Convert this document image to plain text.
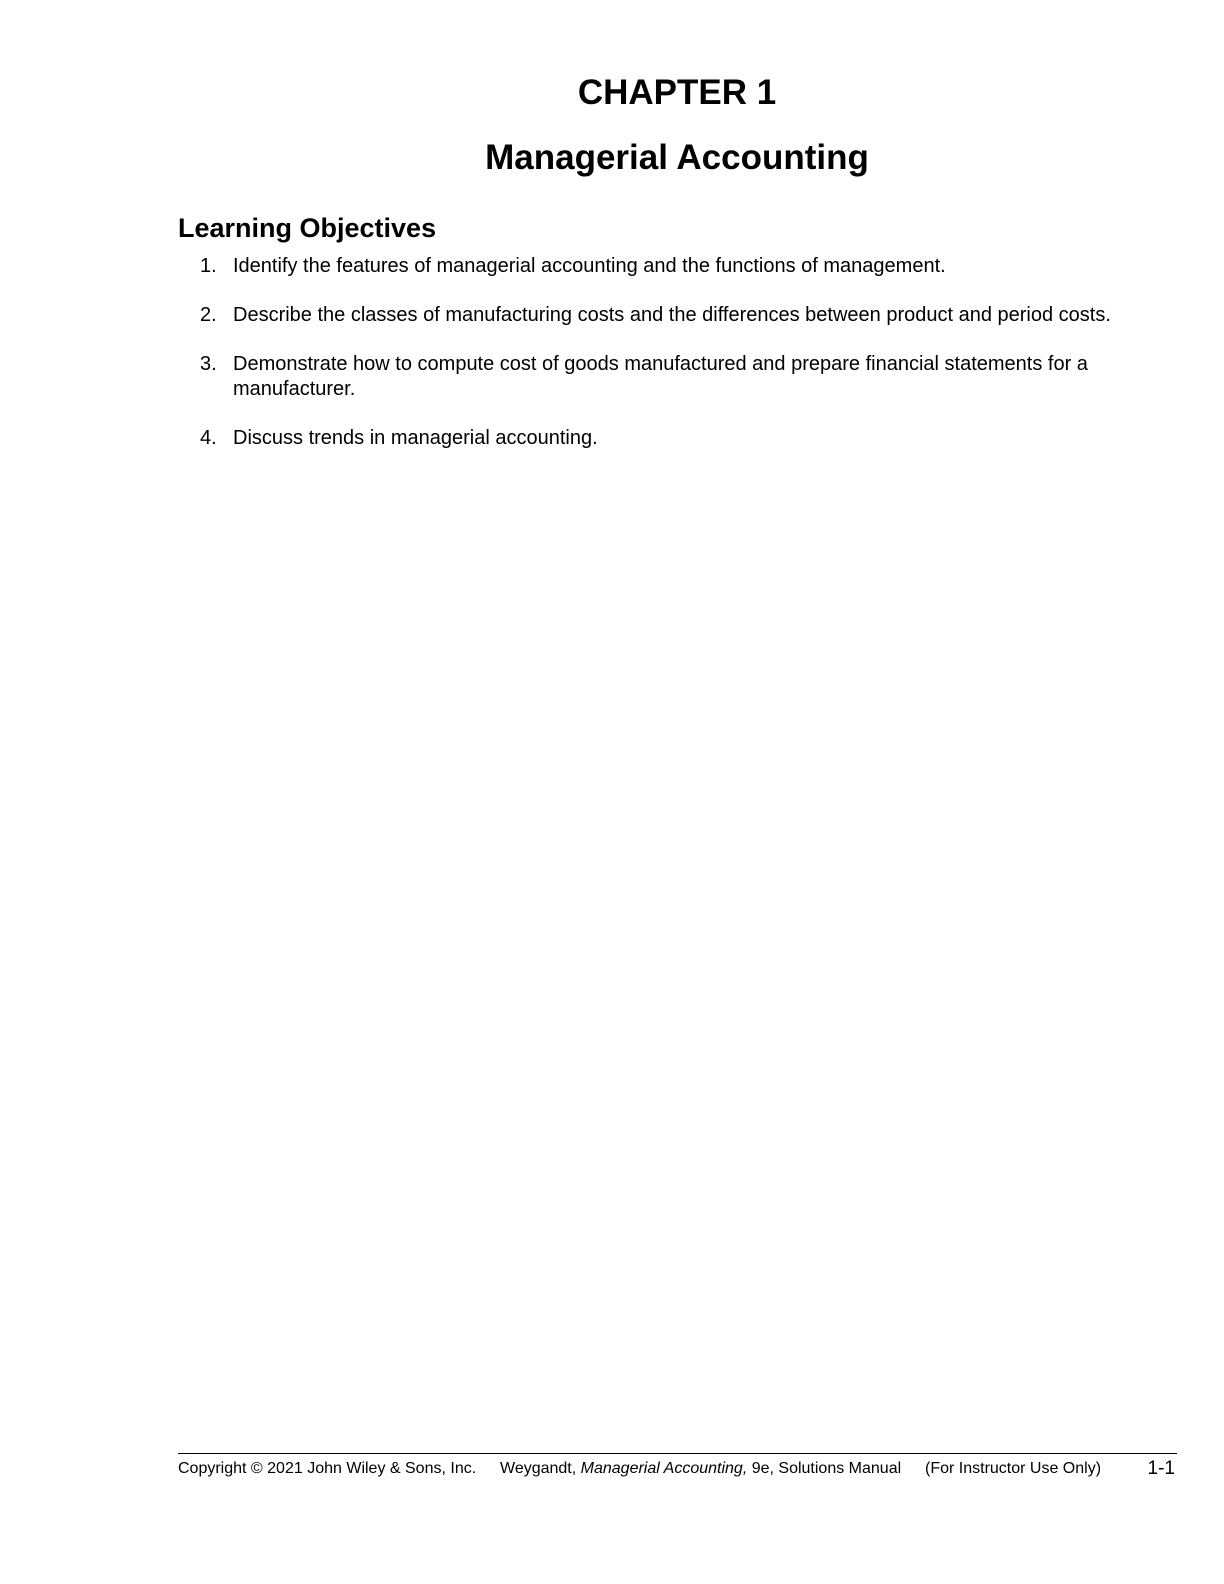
CHAPTER 1
Managerial Accounting
Learning Objectives
1. Identify the features of managerial accounting and the functions of management.
2. Describe the classes of manufacturing costs and the differences between product and period costs.
3. Demonstrate how to compute cost of goods manufactured and prepare financial statements for a manufacturer.
4. Discuss trends in managerial accounting.
Copyright © 2021 John Wiley & Sons, Inc. Weygandt, Managerial Accounting, 9e, Solutions Manual (For Instructor Use Only) 1-1
